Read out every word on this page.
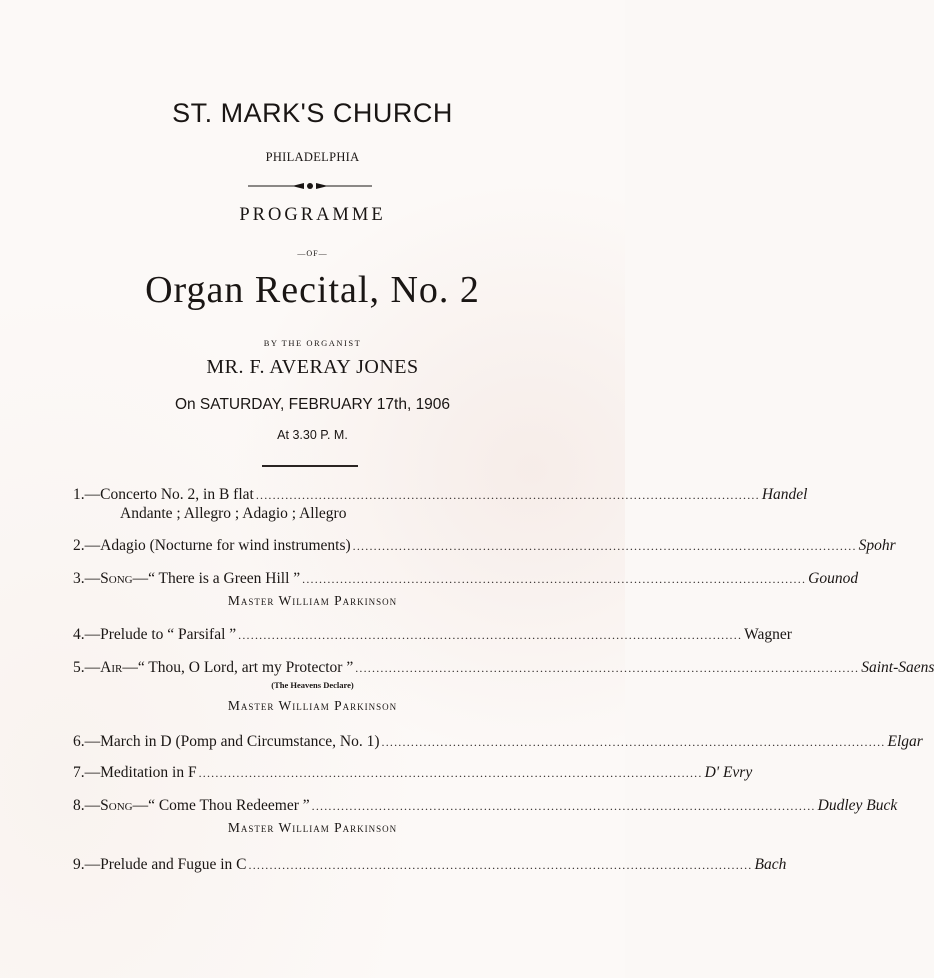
ST. MARK'S CHURCH
PHILADELPHIA
PROGRAMME
—OF—
Organ Recital, No. 2
BY THE ORGANIST
MR. F. AVERAY JONES
On SATURDAY, FEBRUARY 17th, 1906
At 3.30 P. M.
1.— Concerto No. 2, in B flat ........................................................................................................................ Handel
Andante ; Allegro ; Adagio ; Allegro
2.— Adagio (Nocturne for wind instruments) ........................................................................................................................ Spohr
3.— Song— “ There is a Green Hill ” ........................................................................................................................ Gounod
Master William Parkinson
4.— Prelude to “ Parsifal ” ........................................................................................................................ Wagner
5.— Air— “ Thou, O Lord, art my Protector ” ........................................................................................................................ Saint-Saens
(The Heavens Declare)
Master William Parkinson
6.— March in D (Pomp and Circumstance, No. 1) ........................................................................................................................ Elgar
7.— Meditation in F ........................................................................................................................ D' Evry
8.— Song— “ Come Thou Redeemer ” ........................................................................................................................ Dudley Buck
Master William Parkinson
9.— Prelude and Fugue in C ........................................................................................................................ Bach
